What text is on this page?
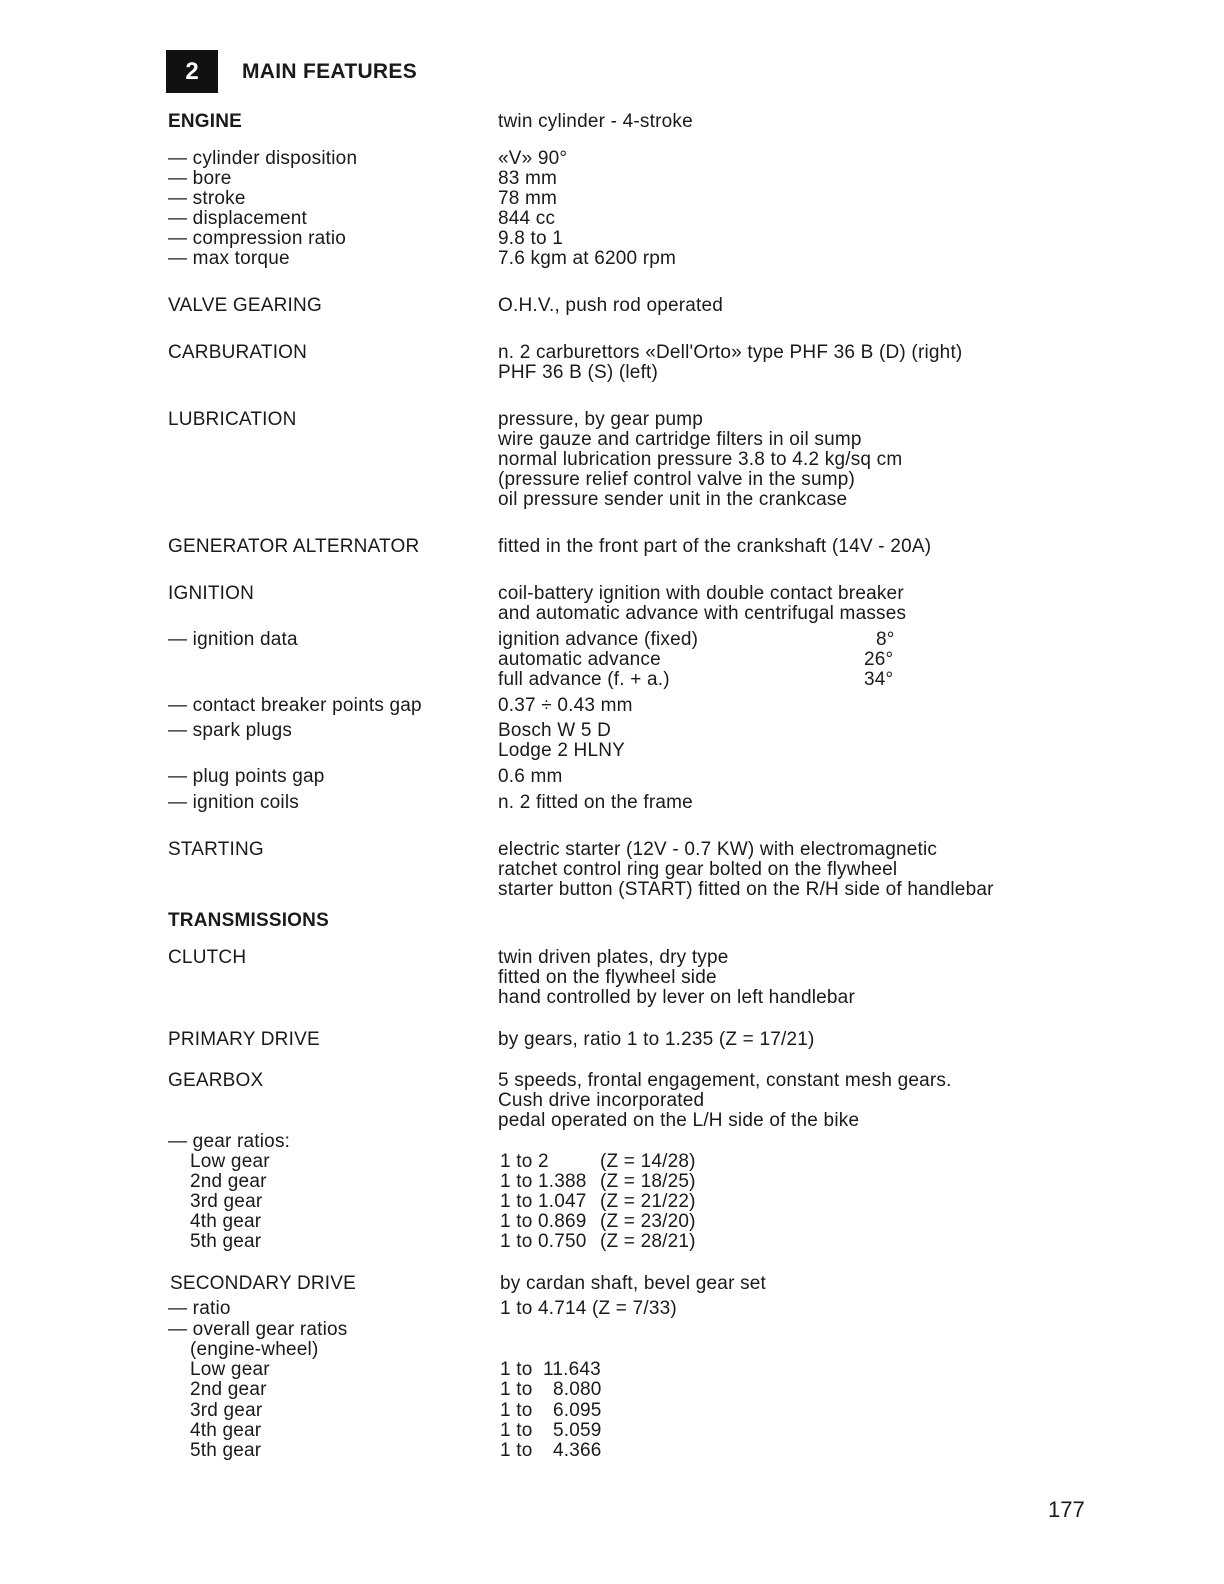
2	MAIN FEATURES
ENGINE	twin cylinder - 4-stroke
— cylinder disposition	«V» 90°
— bore	83 mm
— stroke	78 mm
— displacement	844 cc
— compression ratio	9.8 to 1
— max torque	7.6 kgm at 6200 rpm
VALVE GEARING	O.H.V., push rod operated
CARBURATION	n. 2 carburettors «Dell'Orto» type PHF 36 B (D) (right)
PHF 36 B (S) (left)
LUBRICATION	pressure, by gear pump
wire gauze and cartridge filters in oil sump
normal lubrication pressure 3.8 to 4.2 kg/sq cm
(pressure relief control valve in the sump)
oil pressure sender unit in the crankcase
GENERATOR ALTERNATOR	fitted in the front part of the crankshaft (14V - 20A)
IGNITION	coil-battery ignition with double contact breaker
and automatic advance with centrifugal masses
— ignition data	ignition advance (fixed)	8°
automatic advance	26°
full advance (f. + a.)	34°
— contact breaker points gap	0.37 ÷ 0.43 mm
— spark plugs	Bosch W 5 D
Lodge 2 HLNY
— plug points gap	0.6 mm
— ignition coils	n. 2 fitted on the frame
STARTING	electric starter (12V - 0.7 KW) with electromagnetic
ratchet control ring gear bolted on the flywheel
starter button (START) fitted on the R/H side of handlebar
TRANSMISSIONS
CLUTCH	twin driven plates, dry type
fitted on the flywheel side
hand controlled by lever on left handlebar
PRIMARY DRIVE	by gears, ratio 1 to 1.235 (Z = 17/21)
GEARBOX	5 speeds, frontal engagement, constant mesh gears.
Cush drive incorporated
pedal operated on the L/H side of the bike
— gear ratios:
Low gear	1 to 2	(Z = 14/28)
2nd gear	1 to 1.388 (Z = 18/25)
3rd gear	1 to 1.047 (Z = 21/22)
4th gear	1 to 0.869 (Z = 23/20)
5th gear	1 to 0.750 (Z = 28/21)
SECONDARY DRIVE	by cardan shaft, bevel gear set
— ratio	1 to 4.714 (Z = 7/33)
— overall gear ratios
(engine-wheel)
Low gear	1 to 11.643
2nd gear	1 to 8.080
3rd gear	1 to 6.095
4th gear	1 to 5.059
5th gear	1 to 4.366
177
